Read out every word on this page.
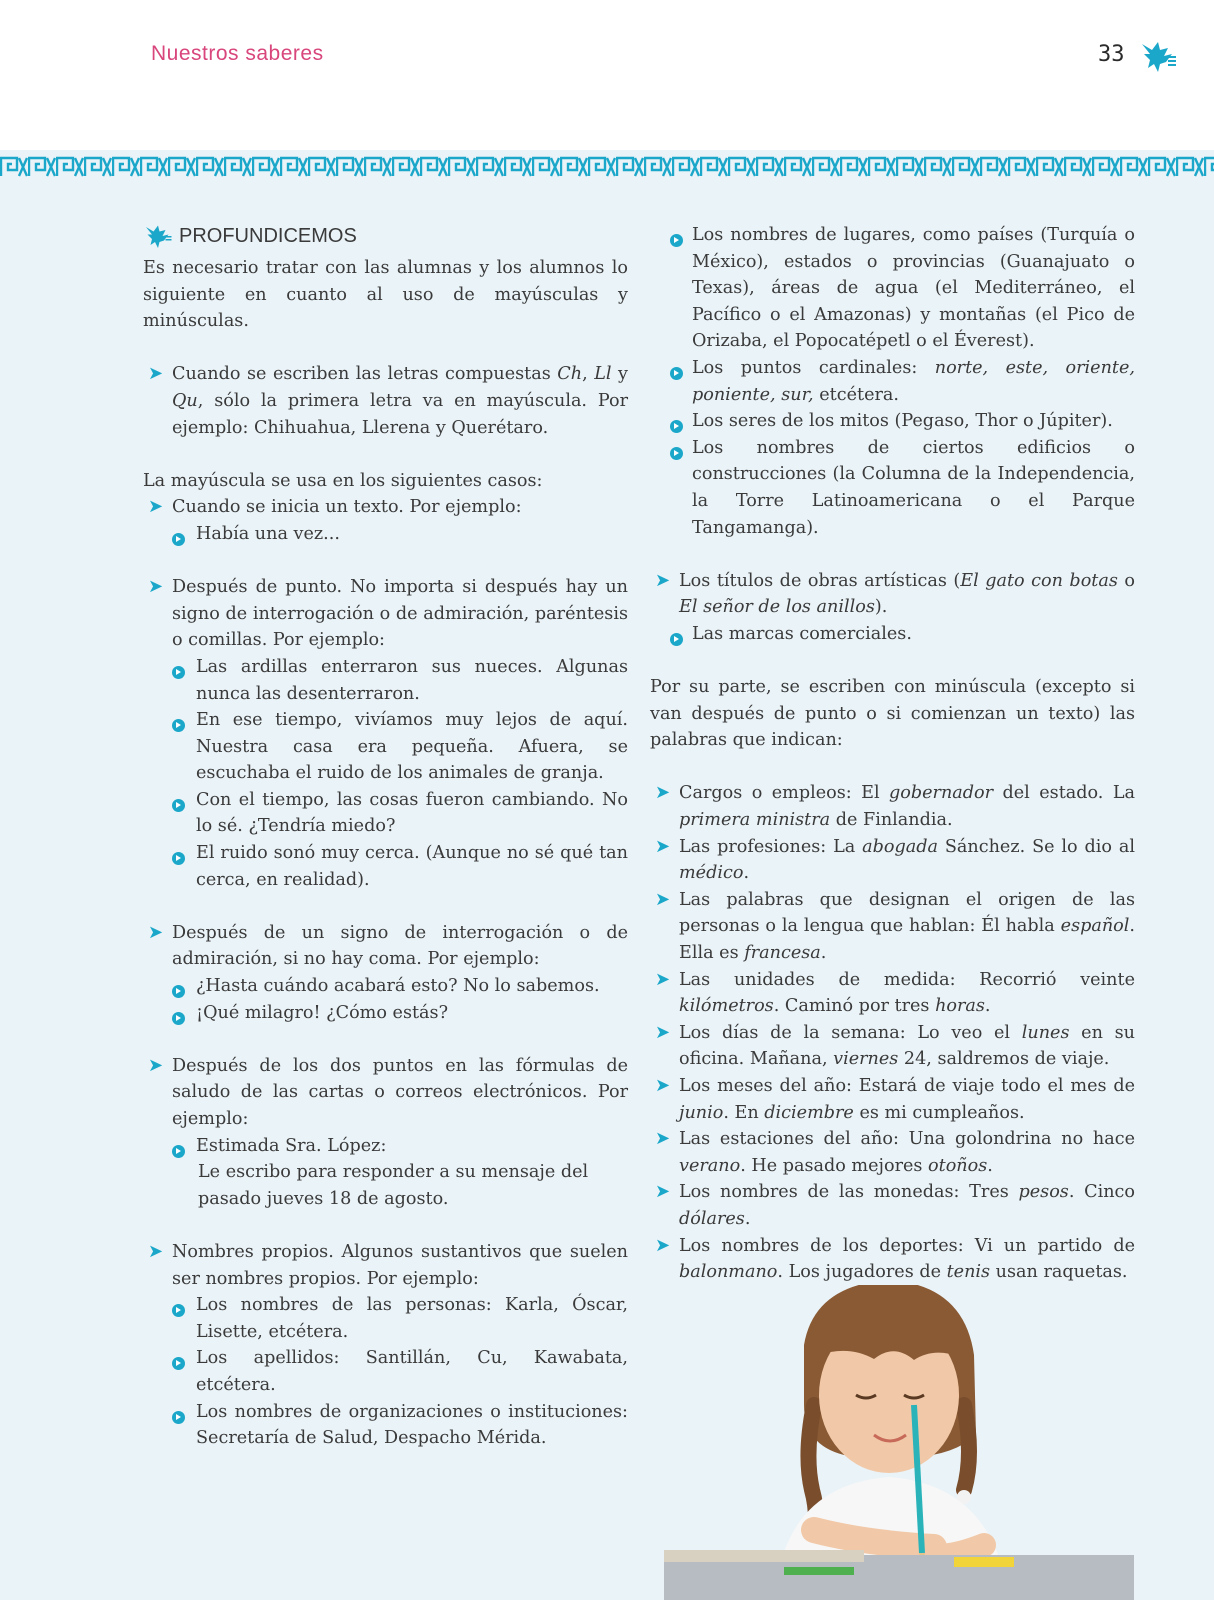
Nuestros saberes	33
PROFUNDICEMOS
Es necesario tratar con las alumnas y los alumnos lo siguiente en cuanto al uso de mayúsculas y minúsculas.
➤ Cuando se escriben las letras compuestas Ch, Ll y Qu, sólo la primera letra va en mayúscula. Por ejemplo: Chihuahua, Llerena y Querétaro.
La mayúscula se usa en los siguientes casos:
➤ Cuando se inicia un texto. Por ejemplo:
Había una vez...
➤ Después de punto. No importa si después hay un signo de interrogación o de admiración, paréntesis o comillas. Por ejemplo:
Las ardillas enterraron sus nueces. Algunas nunca las desenterraron.
En ese tiempo, vivíamos muy lejos de aquí. Nuestra casa era pequeña. Afuera, se escuchaba el ruido de los animales de granja.
Con el tiempo, las cosas fueron cambiando. No lo sé. ¿Tendría miedo?
El ruido sonó muy cerca. (Aunque no sé qué tan cerca, en realidad).
➤ Después de un signo de interrogación o de admiración, si no hay coma. Por ejemplo:
¿Hasta cuándo acabará esto? No lo sabemos.
¡Qué milagro! ¿Cómo estás?
➤ Después de los dos puntos en las fórmulas de saludo de las cartas o correos electrónicos. Por ejemplo:
Estimada Sra. López:
Le escribo para responder a su mensaje del pasado jueves 18 de agosto.
➤ Nombres propios. Algunos sustantivos que suelen ser nombres propios. Por ejemplo:
Los nombres de las personas: Karla, Óscar, Lisette, etcétera.
Los apellidos: Santillán, Cu, Kawabata, etcétera.
Los nombres de organizaciones o instituciones: Secretaría de Salud, Despacho Mérida.
Los nombres de lugares, como países (Turquía o México), estados o provincias (Guanajuato o Texas), áreas de agua (el Mediterráneo, el Pacífico o el Amazonas) y montañas (el Pico de Orizaba, el Popocatépetl o el Éverest).
Los puntos cardinales: norte, este, oriente, poniente, sur, etcétera.
Los seres de los mitos (Pegaso, Thor o Júpiter).
Los nombres de ciertos edificios o construcciones (la Columna de la Independencia, la Torre Latinoamericana o el Parque Tangamanga).
➤ Los títulos de obras artísticas (El gato con botas o El señor de los anillos).
Las marcas comerciales.
Por su parte, se escriben con minúscula (excepto si van después de punto o si comienzan un texto) las palabras que indican:
➤ Cargos o empleos: El gobernador del estado. La primera ministra de Finlandia.
➤ Las profesiones: La abogada Sánchez. Se lo dio al médico.
➤ Las palabras que designan el origen de las personas o la lengua que hablan: Él habla español. Ella es francesa.
➤ Las unidades de medida: Recorrió veinte kilómetros. Caminó por tres horas.
➤ Los días de la semana: Lo veo el lunes en su oficina. Mañana, viernes 24, saldremos de viaje.
➤ Los meses del año: Estará de viaje todo el mes de junio. En diciembre es mi cumpleaños.
➤ Las estaciones del año: Una golondrina no hace verano. He pasado mejores otoños.
➤ Los nombres de las monedas: Tres pesos. Cinco dólares.
➤ Los nombres de los deportes: Vi un partido de balonmano. Los jugadores de tenis usan raquetas.
